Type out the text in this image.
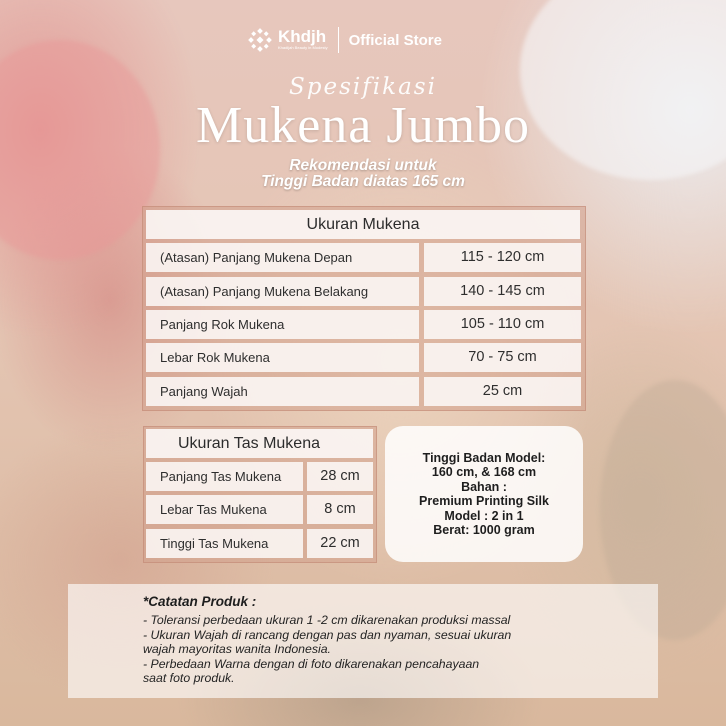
Khdjh
Khadijah Beauty in Modesty Official Store
Spesifikasi
Mukena Jumbo
Rekomendasi untuk
Tinggi Badan diatas 165 cm
Ukuran Mukena
(Atasan) Panjang Mukena Depan	115 - 120 cm
(Atasan) Panjang Mukena Belakang	140 - 145 cm
Panjang Rok Mukena	105 - 110 cm
Lebar Rok Mukena	70 - 75 cm
Panjang Wajah	25 cm
Ukuran Tas Mukena
Panjang Tas Mukena	28 cm
Lebar Tas Mukena	8 cm
Tinggi Tas Mukena	22 cm
Tinggi Badan Model:
160 cm, & 168 cm
Bahan :
Premium Printing Silk
Model : 2 in 1
Berat: 1000 gram
*Catatan Produk :
- Toleransi perbedaan ukuran 1 -2 cm dikarenakan produksi massal
- Ukuran Wajah di rancang dengan pas dan nyaman, sesuai ukuran
wajah mayoritas wanita Indonesia.
- Perbedaan Warna dengan di foto dikarenakan pencahayaan
saat foto produk.
